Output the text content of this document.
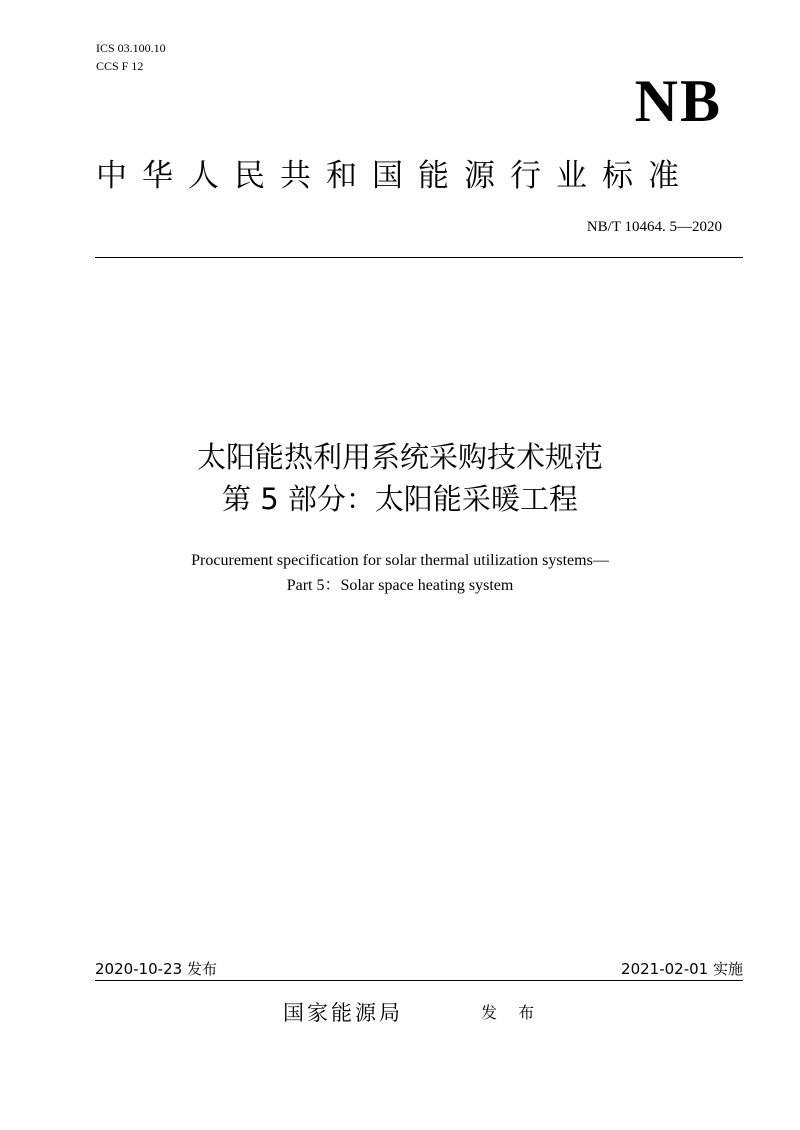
ICS 03.100.10
CCS F 12
NB
中华人民共和国能源行业标准
NB/T 10464. 5—2020
太阳能热利用系统采购技术规范
第 5 部分：太阳能采暖工程
Procurement specification for solar thermal utilization systems—
Part 5：Solar space heating system
2020-10-23 发布	2021-02-01 实施
国家能源局	发 布
